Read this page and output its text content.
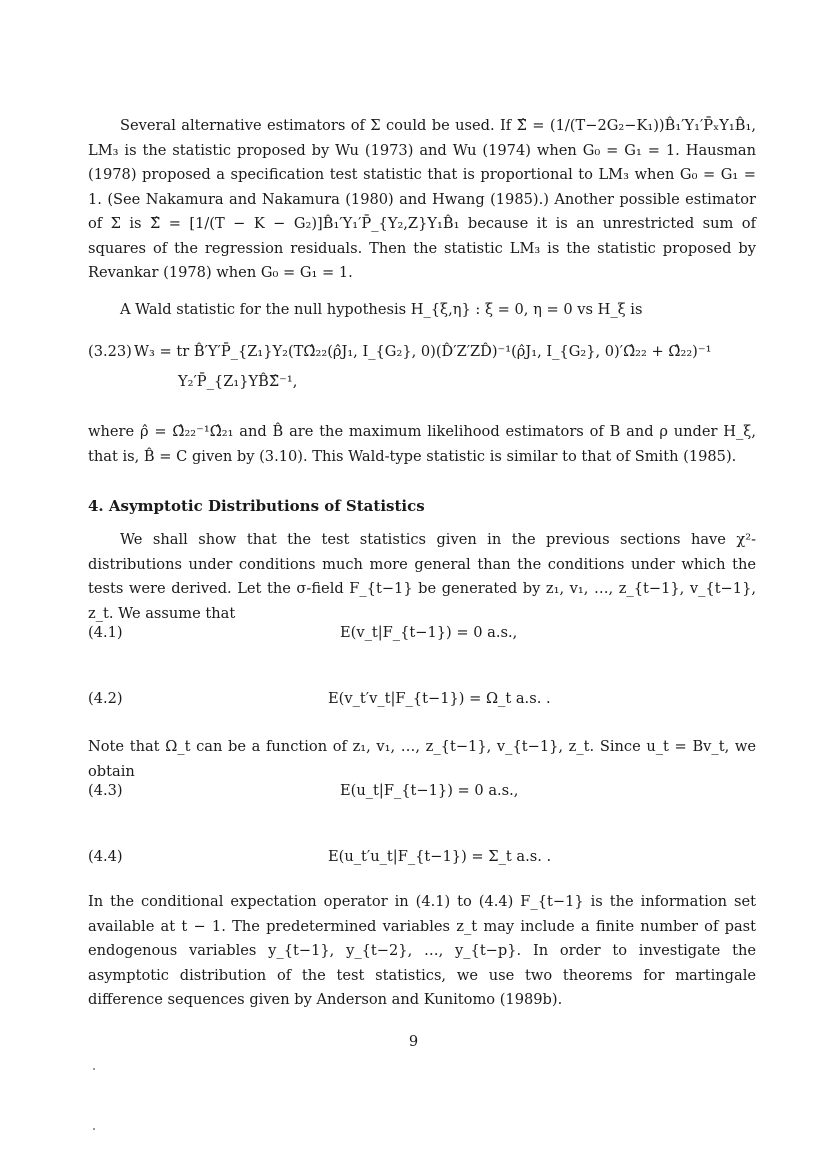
Several alternative estimators of Σ could be used. If Σ̂ = (1/(T−2G₂−K₁))B̂₁′Y₁′P̄ₓY₁B̂₁, LM₃ is the statistic proposed by Wu (1973) and Wu (1974) when G₀ = G₁ = 1. Hausman (1978) proposed a specification test statistic that is proportional to LM₃ when G₀ = G₁ = 1. (See Nakamura and Nakamura (1980) and Hwang (1985).) Another possible estimator of Σ is Σ̂ = [1/(T − K − G₂)]B̂₁′Y₁′P̄_{Y₂,Z}Y₁B̂₁ because it is an unrestricted sum of squares of the regression residuals. Then the statistic LM₃ is the statistic proposed by Revankar (1978) when G₀ = G₁ = 1.

A Wald statistic for the null hypothesis H_{ξ,η} : ξ = 0, η = 0 vs H_ξ is

(3.23) W₃ = tr B̂′Y′P̄_{Z₁}Y₂(TΩ̂₂₂(ρ̂J₁, I_{G₂}, 0)(D̂′Z′ZD̂)⁻¹(ρ̂J₁, I_{G₂}, 0)′Ω̂₂₂ + Ω̂₂₂)⁻¹
Y₂′P̄_{Z₁}YB̂Σ̂⁻¹,

where ρ̂ = Ω̂₂₂⁻¹Ω̂₂₁ and B̂ are the maximum likelihood estimators of B and ρ under H_ξ, that is, B̂ = C given by (3.10). This Wald-type statistic is similar to that of Smith (1985).

4. Asymptotic Distributions of Statistics

We shall show that the test statistics given in the previous sections have χ²- distributions under conditions much more general than the conditions under which the tests were derived. Let the σ-field F_{t−1} be generated by z₁, v₁, …, z_{t−1}, v_{t−1}, z_t. We assume that

(4.1)	E(v_t|F_{t−1}) = 0 a.s.,
(4.2)	E(v_t′v_t|F_{t−1}) = Ω_t a.s. .

Note that Ω_t can be a function of z₁, v₁, …, z_{t−1}, v_{t−1}, z_t. Since u_t = Bv_t, we obtain

(4.3)	E(u_t|F_{t−1}) = 0 a.s.,
(4.4)	E(u_t′u_t|F_{t−1}) = Σ_t a.s. .

In the conditional expectation operator in (4.1) to (4.4) F_{t−1} is the information set available at t − 1. The predetermined variables z_t may include a finite number of past endogenous variables y_{t−1}, y_{t−2}, …, y_{t−p}. In order to investigate the asymptotic distribution of the test statistics, we use two theorems for martingale difference sequences given by Anderson and Kunitomo (1989b).

9
